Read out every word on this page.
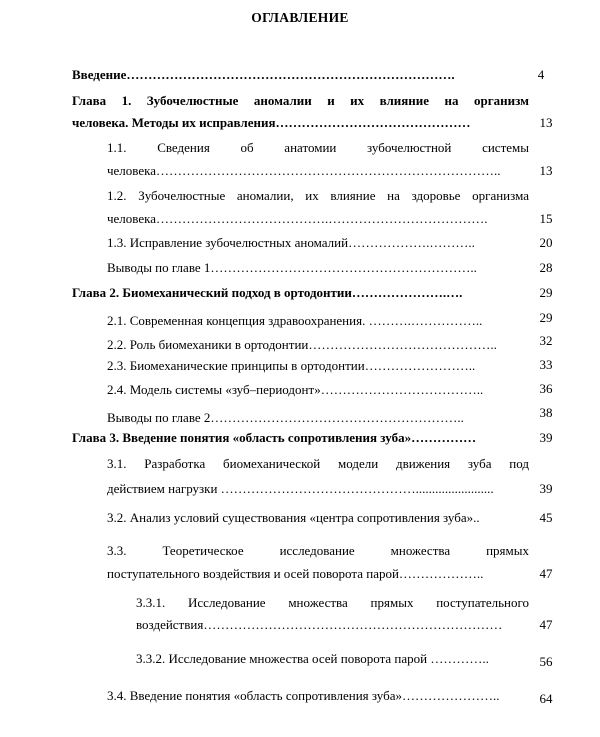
ОГЛАВЛЕНИЕ
Введение………………………………………………………………….	4
Глава 1. Зубочелюстные аномалии и их влияние на организм
человека. Методы их исправления………………………………………	13
1.1. Сведения об анатомии зубочелюстной системы
человека……………………………………………………………………..	13
1.2. Зубочелюстные аномалии, их влияние на здоровье организма
человека………………………………….……………………………….	15
1.3. Исправление зубочелюстных аномалий……………….………..	20
Выводы по главе 1……………………………………………………..	28
Глава 2. Биомеханический подход в ортодонтии………………….….	29
2.1. Современная концепция здравоохранения. ……….……………..	29
2.2. Роль биомеханики в ортодонтии……………………………………..	32
2.3. Биомеханические принципы в ортодонтии……………………..	33
2.4. Модель системы «зуб–периодонт»………………………………..	36
Выводы по главе 2…………………………………………………..	38
Глава 3. Введение понятия «область сопротивления зуба»……………	39
3.1. Разработка биомеханической модели движения зуба под
действием нагрузки ………………………………………........................	39
3.2. Анализ условий существования «центра сопротивления зуба»..	45
3.3. Теоретическое исследование множества прямых
поступательного воздействия и осей поворота парой………………..	47
3.3.1. Исследование множества прямых поступательного
воздействия……………………………………………………………	47
3.3.2. Исследование множества осей поворота парой …………..	56
3.4. Введение понятия «область сопротивления зуба»…………………..	64
